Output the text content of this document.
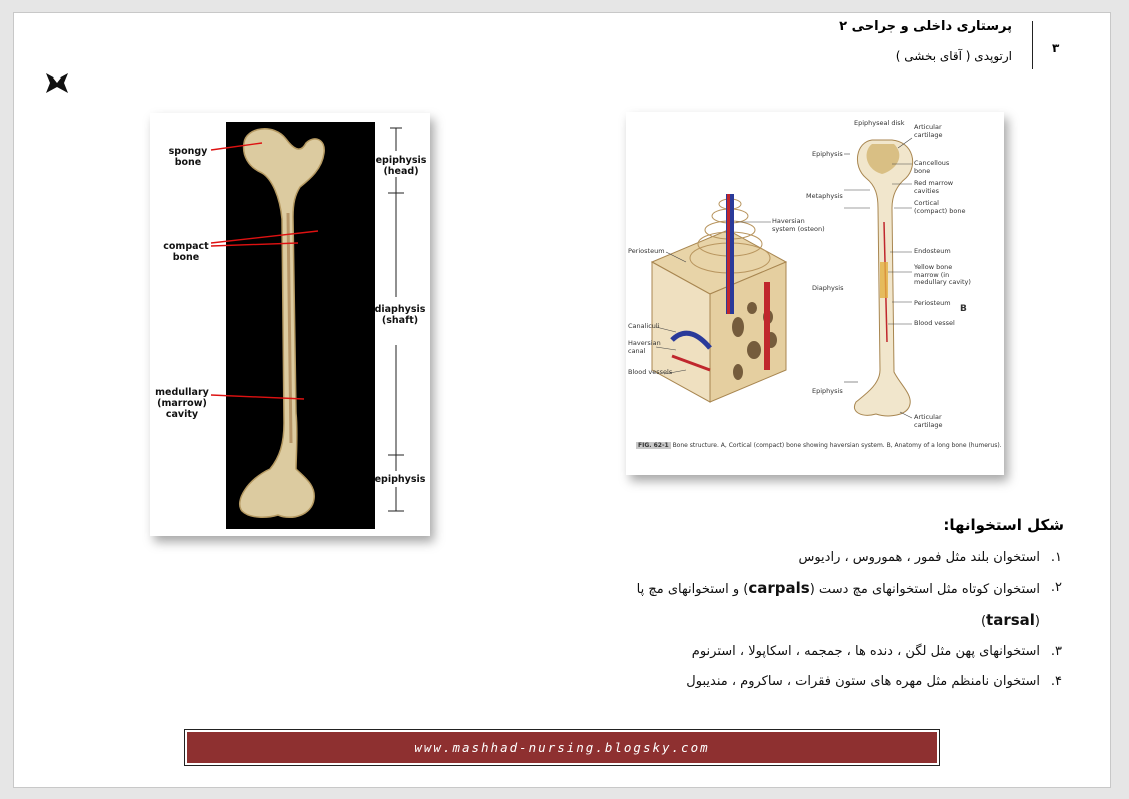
پرستاری داخلی و جراحی ۲
ارتوپدی ( آقای بخشی )
۳
spongy
bone
compact
bone
medullary
(marrow)
cavity
epiphysis
(head)
diaphysis
(shaft)
epiphysis
Epiphyseal disk Articular
cartilage
Cancellous
bone
Red marrow
cavities
Cortical
(compact) bone
Endosteum
Yellow bone
marrow (in
medullary cavity)
Periosteum
Blood vessel
Articular
cartilage
Epiphysis
Metaphysis
Diaphysis
Epiphysis
Haversian
system (osteon)
Periosteum
Canaliculi
Haversian
canal
Blood vessels
B
FIG. 62-1 Bone structure. A, Cortical (compact) bone showing haversian system. B, Anatomy of a long bone (humerus).
شکل استخوانها:
۱.
استخوان بلند مثل فمور ، هموروس ، رادیوس
۲.
استخوان کوتاه مثل استخوانهای مچ دست (carpals) و استخوانهای مچ پا (tarsal)
۳.
استخوانهای پهن مثل لگن ، دنده ها ، جمجمه ، اسکاپولا ، استرنوم
۴.
استخوان نامنظم مثل مهره های ستون فقرات ، ساکروم ، مندیبول
www.mashhad-nursing.blogsky.com
